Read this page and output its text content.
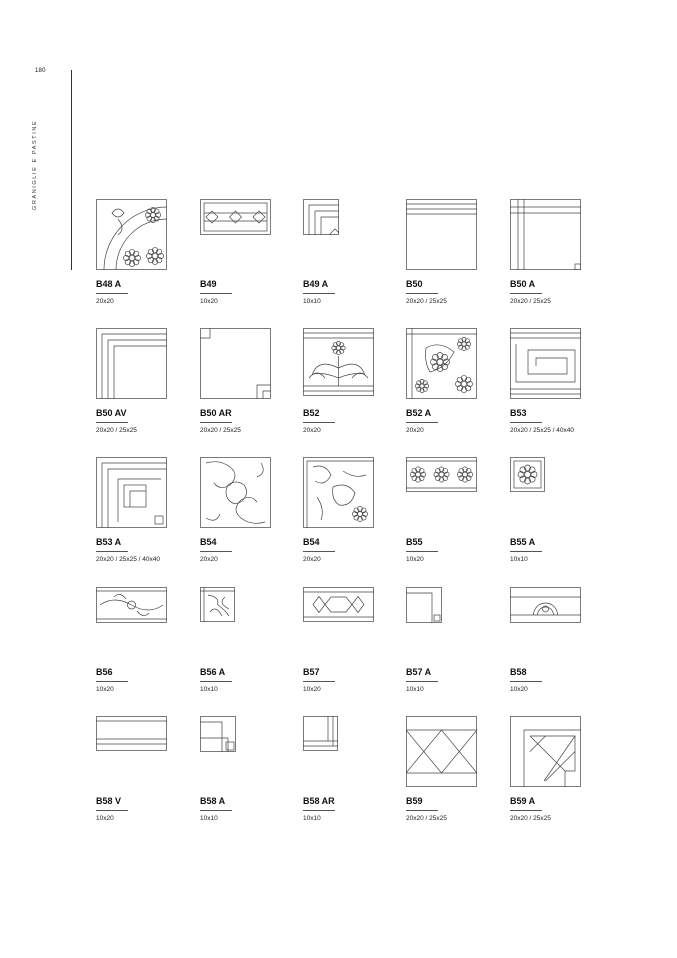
180
GRANIGLIE E PASTINE
B48 A
20x20
B49
10x20
B49 A
10x10
B50
20x20 / 25x25
B50 A
20x20 / 25x25
B50 AV
20x20 / 25x25
B50 AR
20x20 / 25x25
B52
20x20
B52 A
20x20
B53
20x20 / 25x25 / 40x40
B53 A
20x20 / 25x25 / 40x40
B54
20x20
B54
20x20
B55
10x20
B55 A
10x10
B56
10x20
B56 A
10x10
B57
10x20
B57 A
10x10
B58
10x20
B58 V
10x20
B58 A
10x10
B58 AR
10x10
B59
20x20 / 25x25
B59 A
20x20 / 25x25
